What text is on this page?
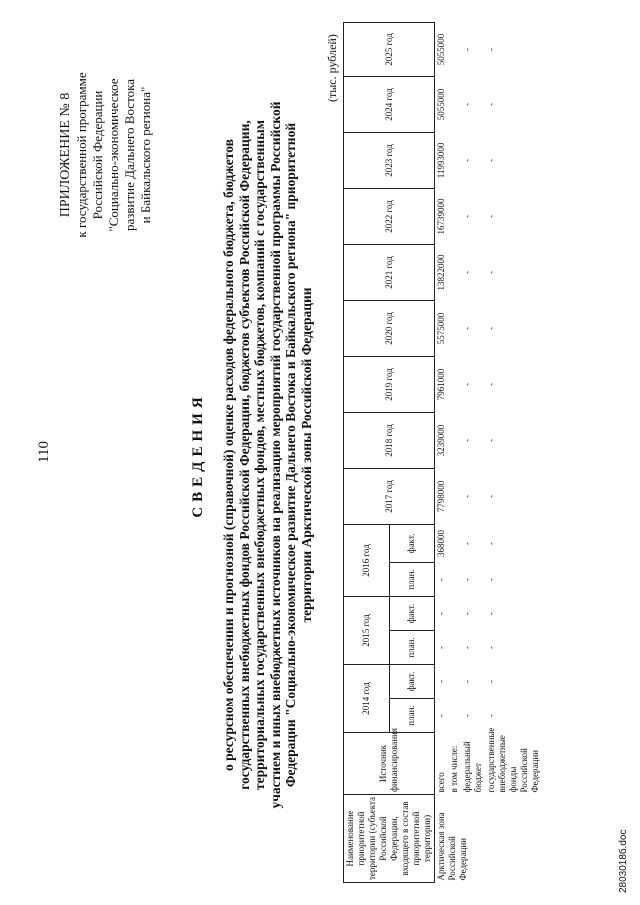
110
ПРИЛОЖЕНИЕ № 8 к государственной программе Российской Федерации "Социально-экономическое развитие Дальнего Востока и Байкальского региона"
СВЕДЕНИЯ о ресурсном обеспечении и прогнозной (справочной) оценке расходов федерального бюджета, бюджетов государственных внебюджетных фондов Российской Федерации, бюджетов субъектов Российской Федерации, территориальных государственных внебюджетных фондов, местных бюджетов, компаний с государственным участием и иных внебюджетных источников на реализацию мероприятий государственной программы Российской Федерации "Социально-экономическое развитие Дальнего Востока и Байкальского региона" приоритетной территории Арктической зоны Российской Федерации
(тыс. рублей)
Наименование приоритетной территории (субъекта Российской Федерации, входящего в состав приоритетной территории)	Источник финансирования	2014 год		2015 год		2016 год		2017 год	2018 год	2019 год	2020 год	2021 год	2022 год	2023 год	2024 год	2025 год
		план.	факт.	план.	факт.	план.	факт.									
Арктическая зона Российской Федерации	всего	-	-	-	-	-	368000	7798000	3239000	7961000	5575000	13822000	16739000	11993000	5055000	5055000
	в том числе:															
	федеральный бюджет	-	-	-	-	-	-	-	-	-	-	-	-	-	-	-
	государственные внебюджетные фонды Российской Федерации	-	-	-	-	-	-	-	-	-	-	-	-	-	-	-
2803018б.doc
